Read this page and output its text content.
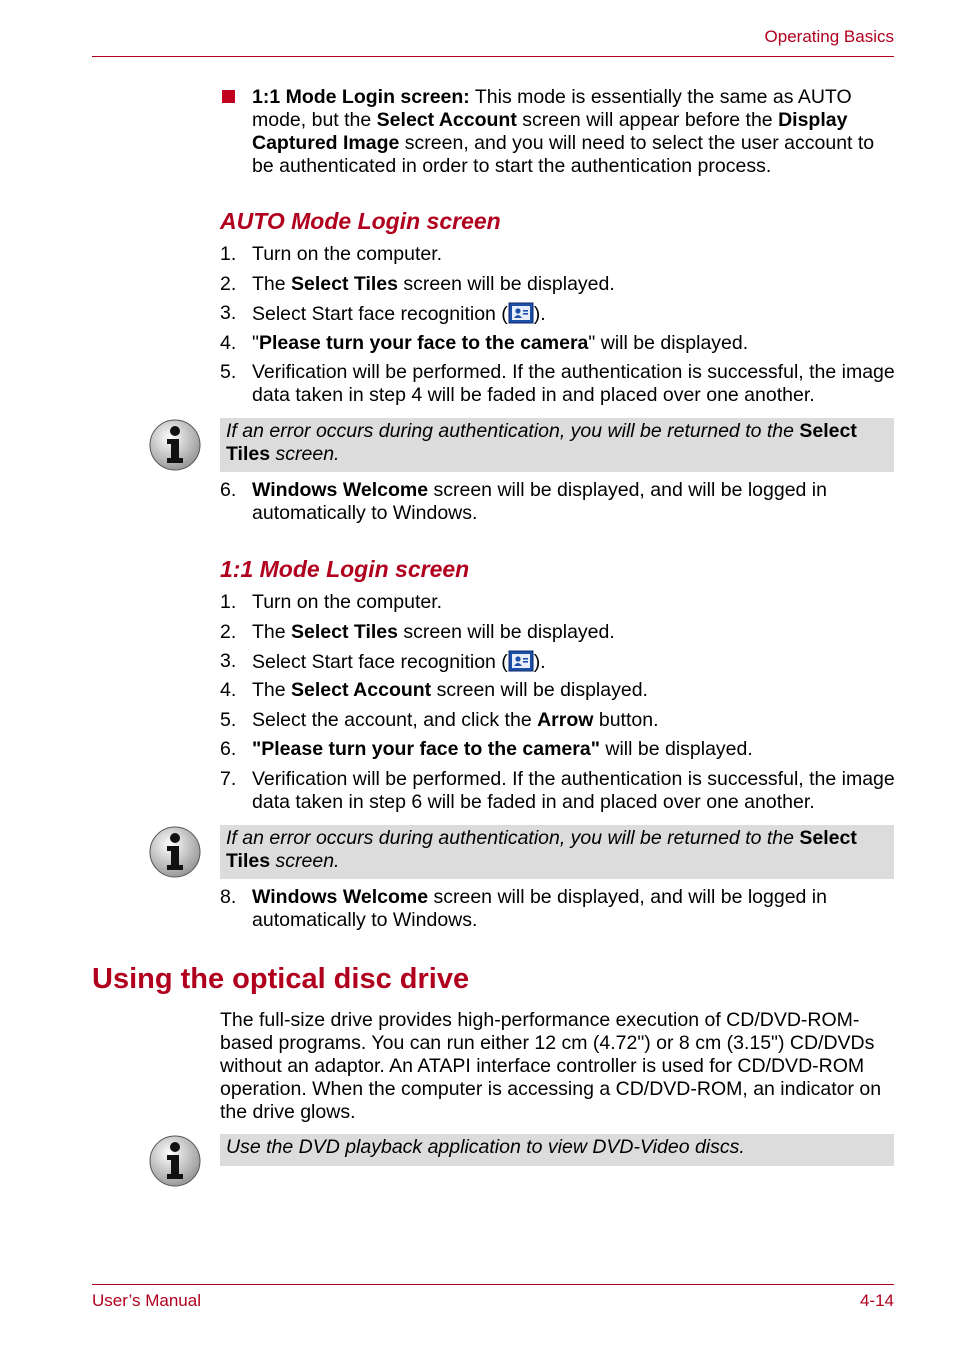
Operating Basics
1:1 Mode Login screen: This mode is essentially the same as AUTO mode, but the Select Account screen will appear before the Display Captured Image screen, and you will need to select the user account to be authenticated in order to start the authentication process.
AUTO Mode Login screen
1. Turn on the computer.
2. The Select Tiles screen will be displayed.
3. Select Start face recognition ( ).
4. "Please turn your face to the camera" will be displayed.
5. Verification will be performed. If the authentication is successful, the image data taken in step 4 will be faded in and placed over one another.
If an error occurs during authentication, you will be returned to the Select Tiles screen.
6. Windows Welcome screen will be displayed, and will be logged in automatically to Windows.
1:1 Mode Login screen
1. Turn on the computer.
2. The Select Tiles screen will be displayed.
3. Select Start face recognition ( ).
4. The Select Account screen will be displayed.
5. Select the account, and click the Arrow button.
6. "Please turn your face to the camera" will be displayed.
7. Verification will be performed. If the authentication is successful, the image data taken in step 6 will be faded in and placed over one another.
If an error occurs during authentication, you will be returned to the Select Tiles screen.
8. Windows Welcome screen will be displayed, and will be logged in automatically to Windows.
Using the optical disc drive
The full-size drive provides high-performance execution of CD/DVD-ROM-based programs. You can run either 12 cm (4.72") or 8 cm (3.15") CD/DVDs without an adaptor. An ATAPI interface controller is used for CD/DVD-ROM operation. When the computer is accessing a CD/DVD-ROM, an indicator on the drive glows.
Use the DVD playback application to view DVD-Video discs.
User’s Manual	4-14
